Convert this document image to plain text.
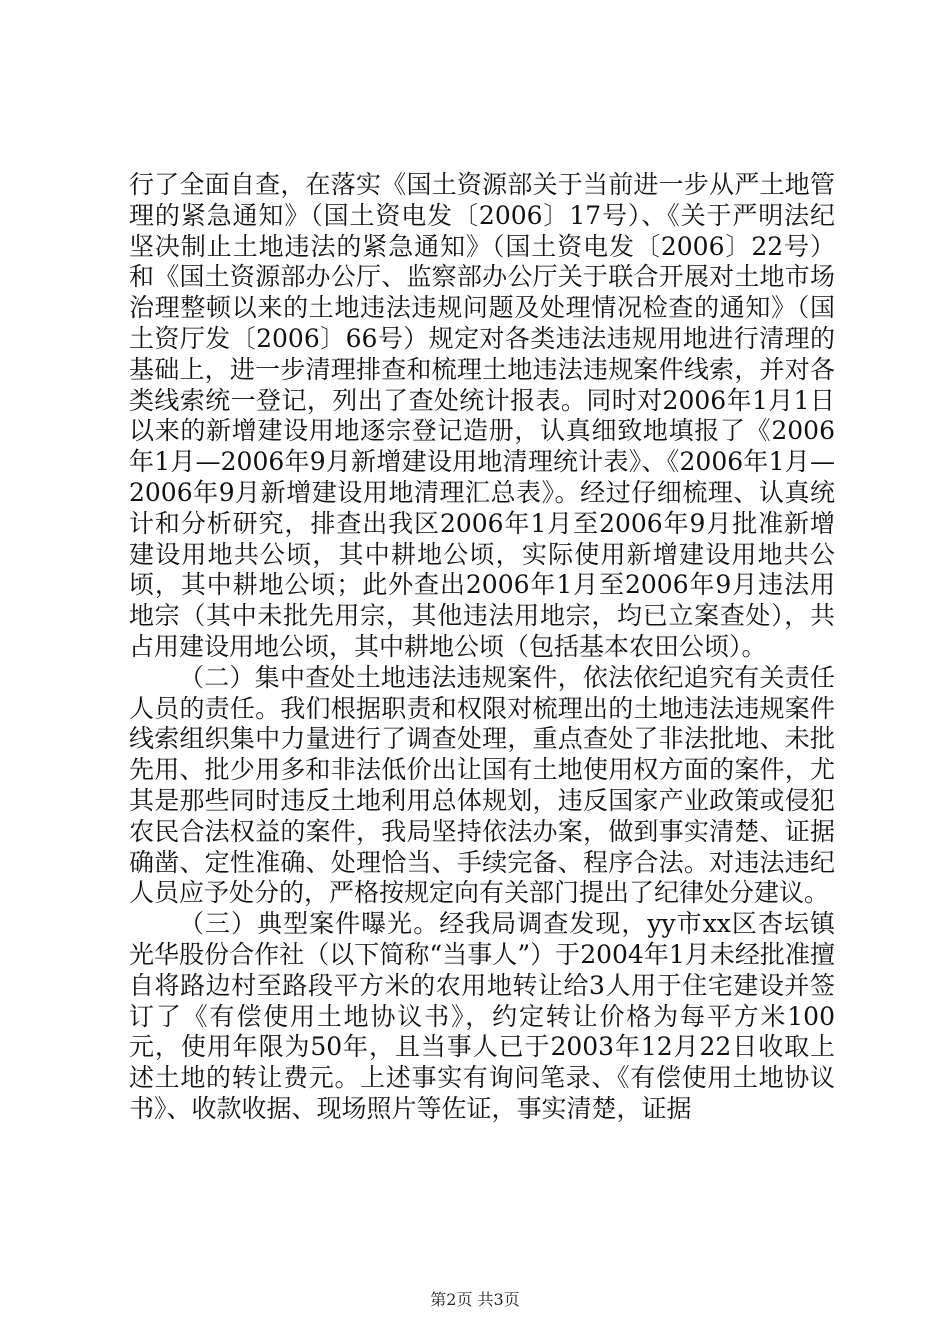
行了全面自查，在落实《国土资源部关于当前进一步从严土地管理的紧急通知》（国土资电发〔2006〕17号）、《关于严明法纪坚决制止土地违法的紧急通知》（国土资电发〔2006〕22号）和《国土资源部办公厅、监察部办公厅关于联合开展对土地市场治理整顿以来的土地违法违规问题及处理情况检查的通知》（国土资厅发〔2006〕66号）规定对各类违法违规用地进行清理的基础上，进一步清理排查和梳理土地违法违规案件线索，并对各类线索统一登记，列出了查处统计报表。同时对2006年1月1日以来的新增建设用地逐宗登记造册，认真细致地填报了《2006年1月—2006年9月新增建设用地清理统计表》、《2006年1月—2006年9月新增建设用地清理汇总表》。经过仔细梳理、认真统计和分析研究，排查出我区2006年1月至2006年9月批准新增建设用地共公顷，其中耕地公顷，实际使用新增建设用地共公顷，其中耕地公顷；此外查出2006年1月至2006年9月违法用地宗（其中未批先用宗，其他违法用地宗，均已立案查处），共占用建设用地公顷，其中耕地公顷（包括基本农田公顷）。

（二）集中查处土地违法违规案件，依法依纪追究有关责任人员的责任。我们根据职责和权限对梳理出的土地违法违规案件线索组织集中力量进行了调查处理，重点查处了非法批地、未批先用、批少用多和非法低价出让国有土地使用权方面的案件，尤其是那些同时违反土地利用总体规划，违反国家产业政策或侵犯农民合法权益的案件，我局坚持依法办案，做到事实清楚、证据确凿、定性准确、处理恰当、手续完备、程序合法。对违法违纪人员应予处分的，严格按规定向有关部门提出了纪律处分建议。

（三）典型案件曝光。经我局调查发现，yy市xx区杏坛镇光华股份合作社（以下简称“当事人”）于2004年1月未经批准擅自将路边村至路段平方米的农用地转让给3人用于住宅建设并签订了《有偿使用土地协议书》，约定转让价格为每平方米100元，使用年限为50年，且当事人已于2003年12月22日收取上述土地的转让费元。上述事实有询问笔录、《有偿使用土地协议书》、收款收据、现场照片等佐证，事实清楚，证据

第2页 共3页
